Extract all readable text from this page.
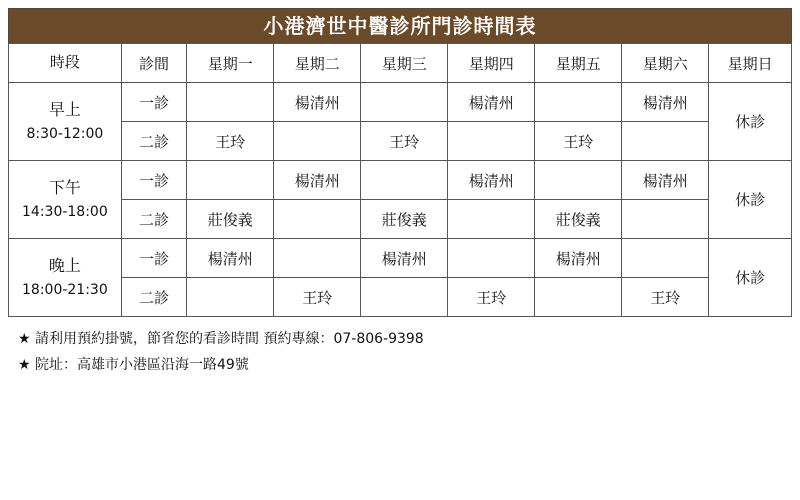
小港濟世中醫診所門診時間表
時段	診間	星期一	星期二	星期三	星期四	星期五	星期六	星期日

早上
8:30-12:00	一診		楊清州		楊清州		楊清州	休診
	二診	王玲		王玲		王玲		

下午
14:30-18:00	一診		楊清州		楊清州		楊清州	休診
	二診	莊俊義		莊俊義		莊俊義		

晚上
18:00-21:30	一診	楊清州		楊清州		楊清州		休診
	二診		王玲		王玲		王玲	
★ 請利用預約掛號，節省您的看診時間 預約專線：07-806-9398
★ 院址：高雄市小港區沿海一路49號
